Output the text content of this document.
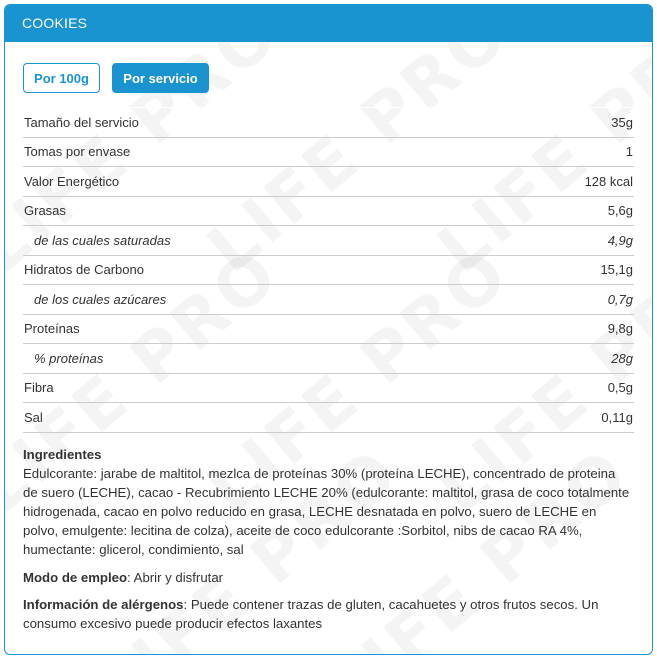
COOKIES
Por 100g	Por servicio
Tamaño del servicio	35g
Tomas por envase	1
Valor Energético	128 kcal
Grasas	5,6g
de las cuales saturadas	4,9g
Hidratos de Carbono	15,1g
de los cuales azúcares	0,7g
Proteínas	9,8g
% proteínas	28g
Fibra	0,5g
Sal	0,11g
Ingredientes
Edulcorante: jarabe de maltitol, mezlca de proteínas 30% (proteína LECHE), concentrado de proteina de suero (LECHE), cacao - Recubrimiento LECHE 20% (edulcorante: maltitol, grasa de coco totalmente hidrogenada, cacao en polvo reducido en grasa, LECHE desnatada en polvo, suero de LECHE en polvo, emulgente: lecitina de colza), aceite de coco edulcorante :Sorbitol, nibs de cacao RA 4%, humectante: glicerol, condimiento, sal
Modo de empleo: Abrir y disfrutar
Información de alérgenos: Puede contener trazas de gluten, cacahuetes y otros frutos secos. Un consumo excesivo puede producir efectos laxantes
